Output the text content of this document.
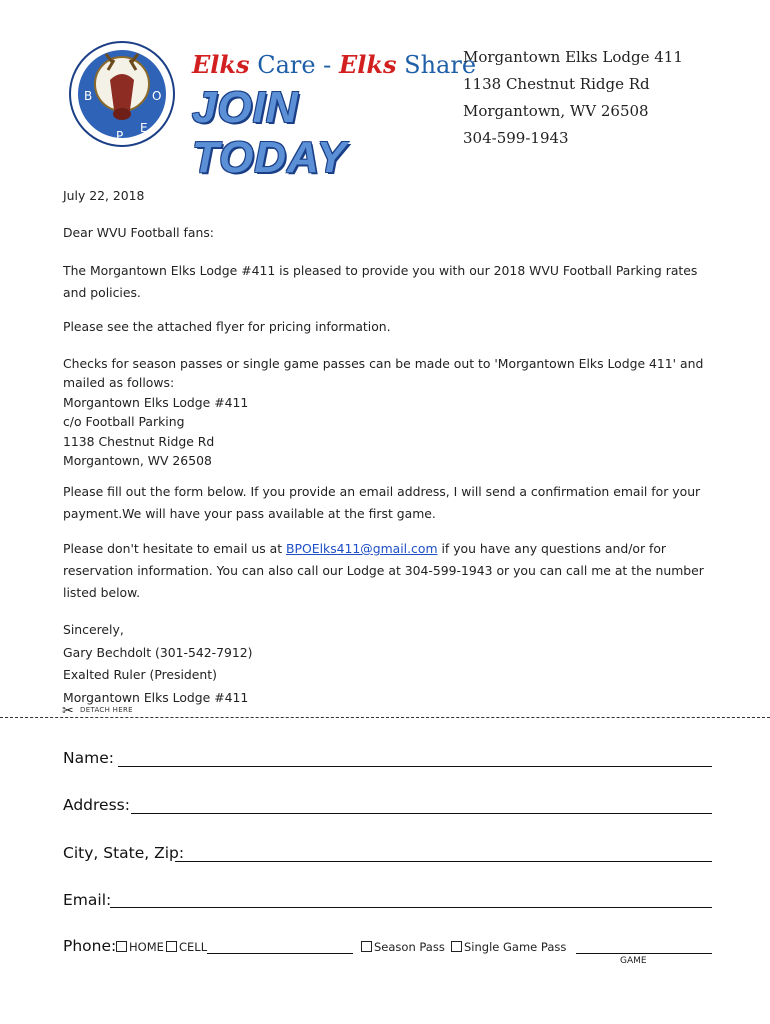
B
P
O
E
Elks Care - Elks Share
JOIN TODAY
Morgantown Elks Lodge 411
1138 Chestnut Ridge Rd
Morgantown, WV 26508
304-599-1943

July 22, 2018

Dear WVU Football fans:

The Morgantown Elks Lodge #411 is pleased to provide you with our 2018 WVU Football Parking rates and policies.

Please see the attached flyer for pricing information.

Checks for season passes or single game passes can be made out to 'Morgantown Elks Lodge 411' and

mailed as follows:

Morgantown Elks Lodge #411

c/o Football Parking

1138 Chestnut Ridge Rd

Morgantown, WV 26508

Please fill out the form below. If you provide an email address, I will send a confirmation email for your payment.We will have your pass available at the first game.

Please don't hesitate to email us at BPOElks411@gmail.com if you have any questions and/or for reservation information. You can also call our Lodge at 304-599-1943 or you can call me at the number listed below.

Sincerely,

Gary Bechdolt (301-542-7912)

Exalted Ruler (President)

Morgantown Elks Lodge #411

✂ DETACH HERE
Name:
Address:
City, State, Zip:
Email:
Phone:	HOME	CELL	Season Pass	Single Game Pass
GAME
